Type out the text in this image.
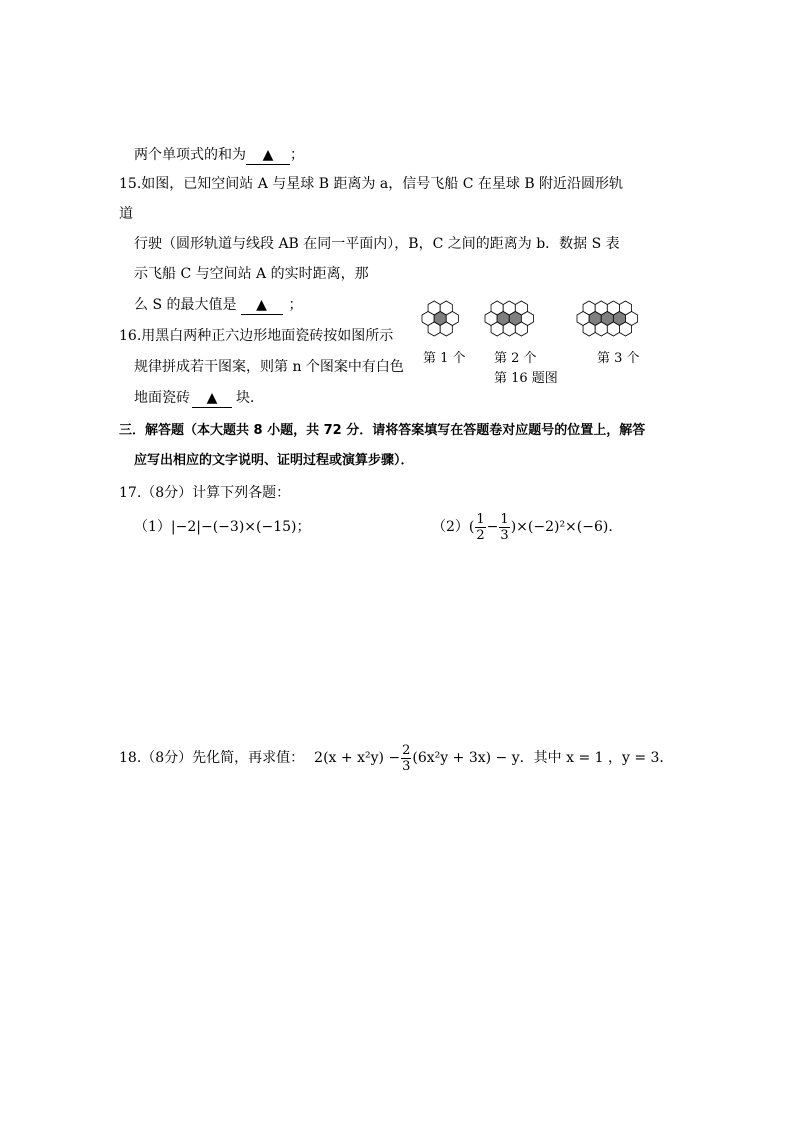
两个单项式的和为 ▲ ；
15.如图，已知空间站 A 与星球 B 距离为 a，信号飞船 C 在星球 B 附近沿圆形轨
道
行驶（圆形轨道与线段 AB 在同一平面内），B，C 之间的距离为 b．数据 S 表
示飞船 C 与空间站 A 的实时距离，那
么 S 的最大值是 ▲ ；
16.用黑白两种正六边形地面瓷砖按如图所示
规律拼成若干图案，则第 n 个图案中有白色
地面瓷砖 ▲ 块．
第 1 个 第 2 个	第 3 个
第 16 题图
三．解答题（本大题共 8 小题，共 72 分．请将答案填写在答题卷对应题号的位置上，解答
应写出相应的文字说明、证明过程或演算步骤）．
17.（8分）计算下列各题：
（1）|−2|−(−3)×(−15)；	$(2)( \frac{1}{2} - \frac{1}{3} )\times(-2)^2\times(-6)$．
18.（8分）先化简，再求值： $2(x + x^2y) - \frac{2}{3} (6x^2y + 3x) - y$．其中 x = 1 ，y = 3．
